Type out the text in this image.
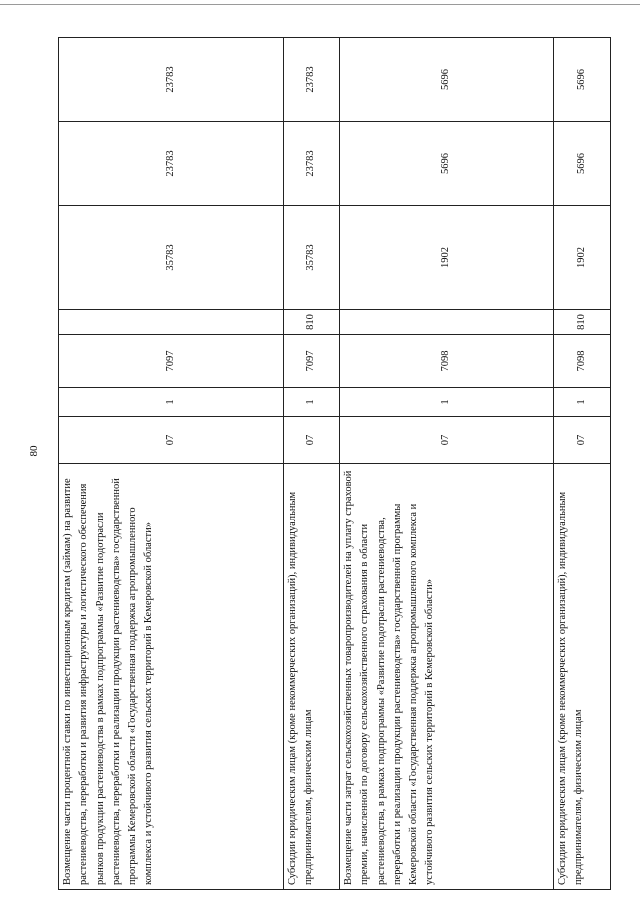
80
Возмещение части процентной ставки по инвестиционным кредитам (займам) на развитие растениеводства, переработки и развития инфраструктуры и логистического обеспечения рынков продукции растениеводства в рамках подпрограммы «Развитие подотрасли растениеводства, переработки и реализации продукции растениеводства» государственной программы Кемеровской области «Государственная поддержка агропромышленного комплекса и устойчивого развития сельских территорий в Кемеровской области»	07	1	7097		35783	23783	23783
Субсидии юридическим лицам (кроме некоммерческих организаций), индивидуальным предпринимателям, физическим лицам	07	1	7097	810	35783	23783	23783
Возмещение части затрат сельскохозяйственных товаропроизводителей на уплату страховой премии, начисленной по договору сельскохозяйственного страхования в области растениеводства, в рамках подпрограммы «Развитие подотрасли растениеводства, переработки и реализации продукции растениеводства» государственной программы Кемеровской области «Государственная поддержка агропромышленного комплекса и устойчивого развития сельских территорий в Кемеровской области»	07	1	7098		1902	5696	5696
Субсидии юридическим лицам (кроме некоммерческих организаций), индивидуальным предпринимателям, физическим лицам	07	1	7098	810	1902	5696	5696
